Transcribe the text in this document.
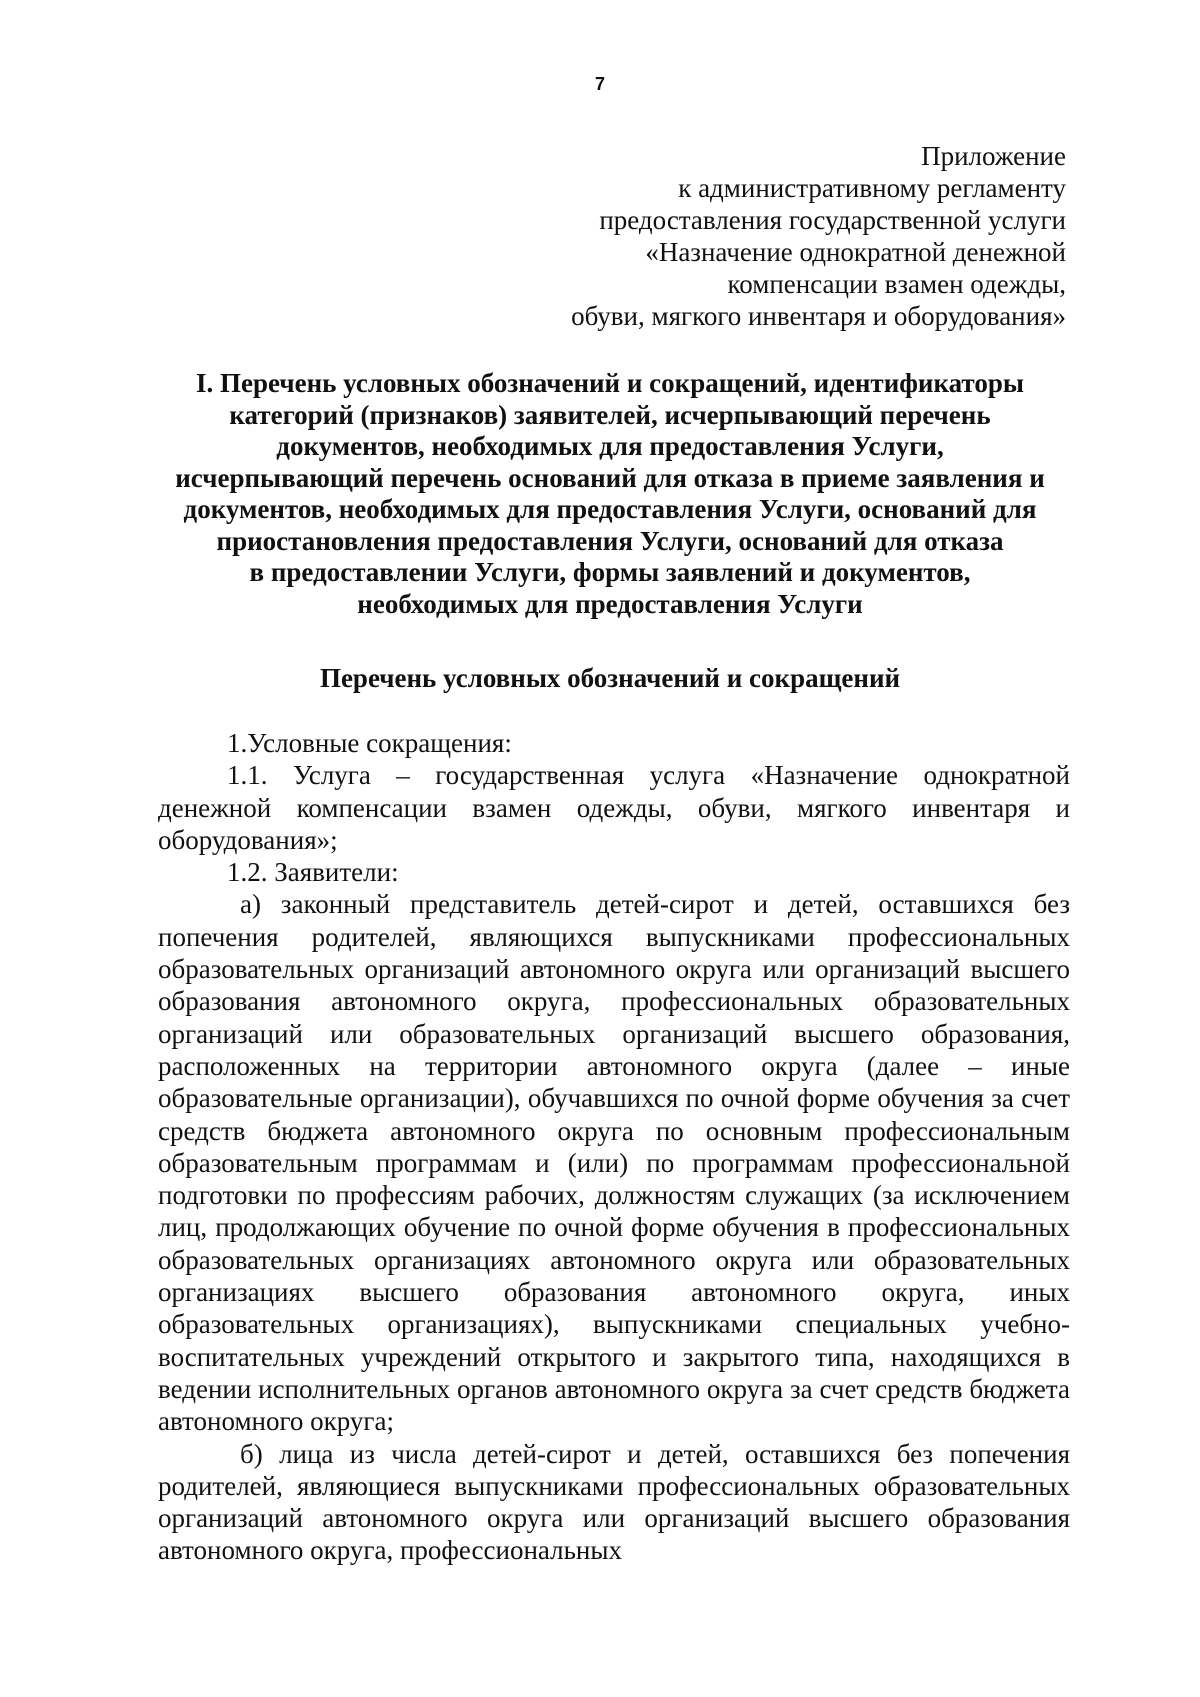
7
Приложение
к административному регламенту
предоставления государственной услуги
«Назначение однократной денежной
компенсации взамен одежды,
обуви, мягкого инвентаря и оборудования»
I. Перечень условных обозначений и сокращений, идентификаторы
категорий (признаков) заявителей, исчерпывающий перечень
документов, необходимых для предоставления Услуги,
исчерпывающий перечень оснований для отказа в приеме заявления и
документов, необходимых для предоставления Услуги, оснований для
приостановления предоставления Услуги, оснований для отказа
в предоставлении Услуги, формы заявлений и документов,
необходимых для предоставления Услуги
Перечень условных обозначений и сокращений

1.Условные сокращения:

1.1. Услуга – государственная услуга «Назначение однократной денежной компенсации взамен одежды, обуви, мягкого инвентаря и оборудования»;

1.2. Заявители:

а) законный представитель детей-сирот и детей, оставшихся без попечения родителей, являющихся выпускниками профессиональных образовательных организаций автономного округа или организаций высшего образования автономного округа, профессиональных образовательных организаций или образовательных организаций высшего образования, расположенных на территории автономного округа (далее – иные образовательные организации), обучавшихся по очной форме обучения за счет средств бюджета автономного округа по основным профессиональным образовательным программам и (или) по программам профессиональной подготовки по профессиям рабочих, должностям служащих (за исключением лиц, продолжающих обучение по очной форме обучения в профессиональных образовательных организациях автономного округа или образовательных организациях высшего образования автономного округа, иных образовательных организациях), выпускниками специальных учебно-воспитательных учреждений открытого и закрытого типа, находящихся в ведении исполнительных органов автономного округа за счет средств бюджета автономного округа;

б) лица из числа детей-сирот и детей, оставшихся без попечения родителей, являющиеся выпускниками профессиональных образовательных организаций автономного округа или организаций высшего образования автономного округа, профессиональных
